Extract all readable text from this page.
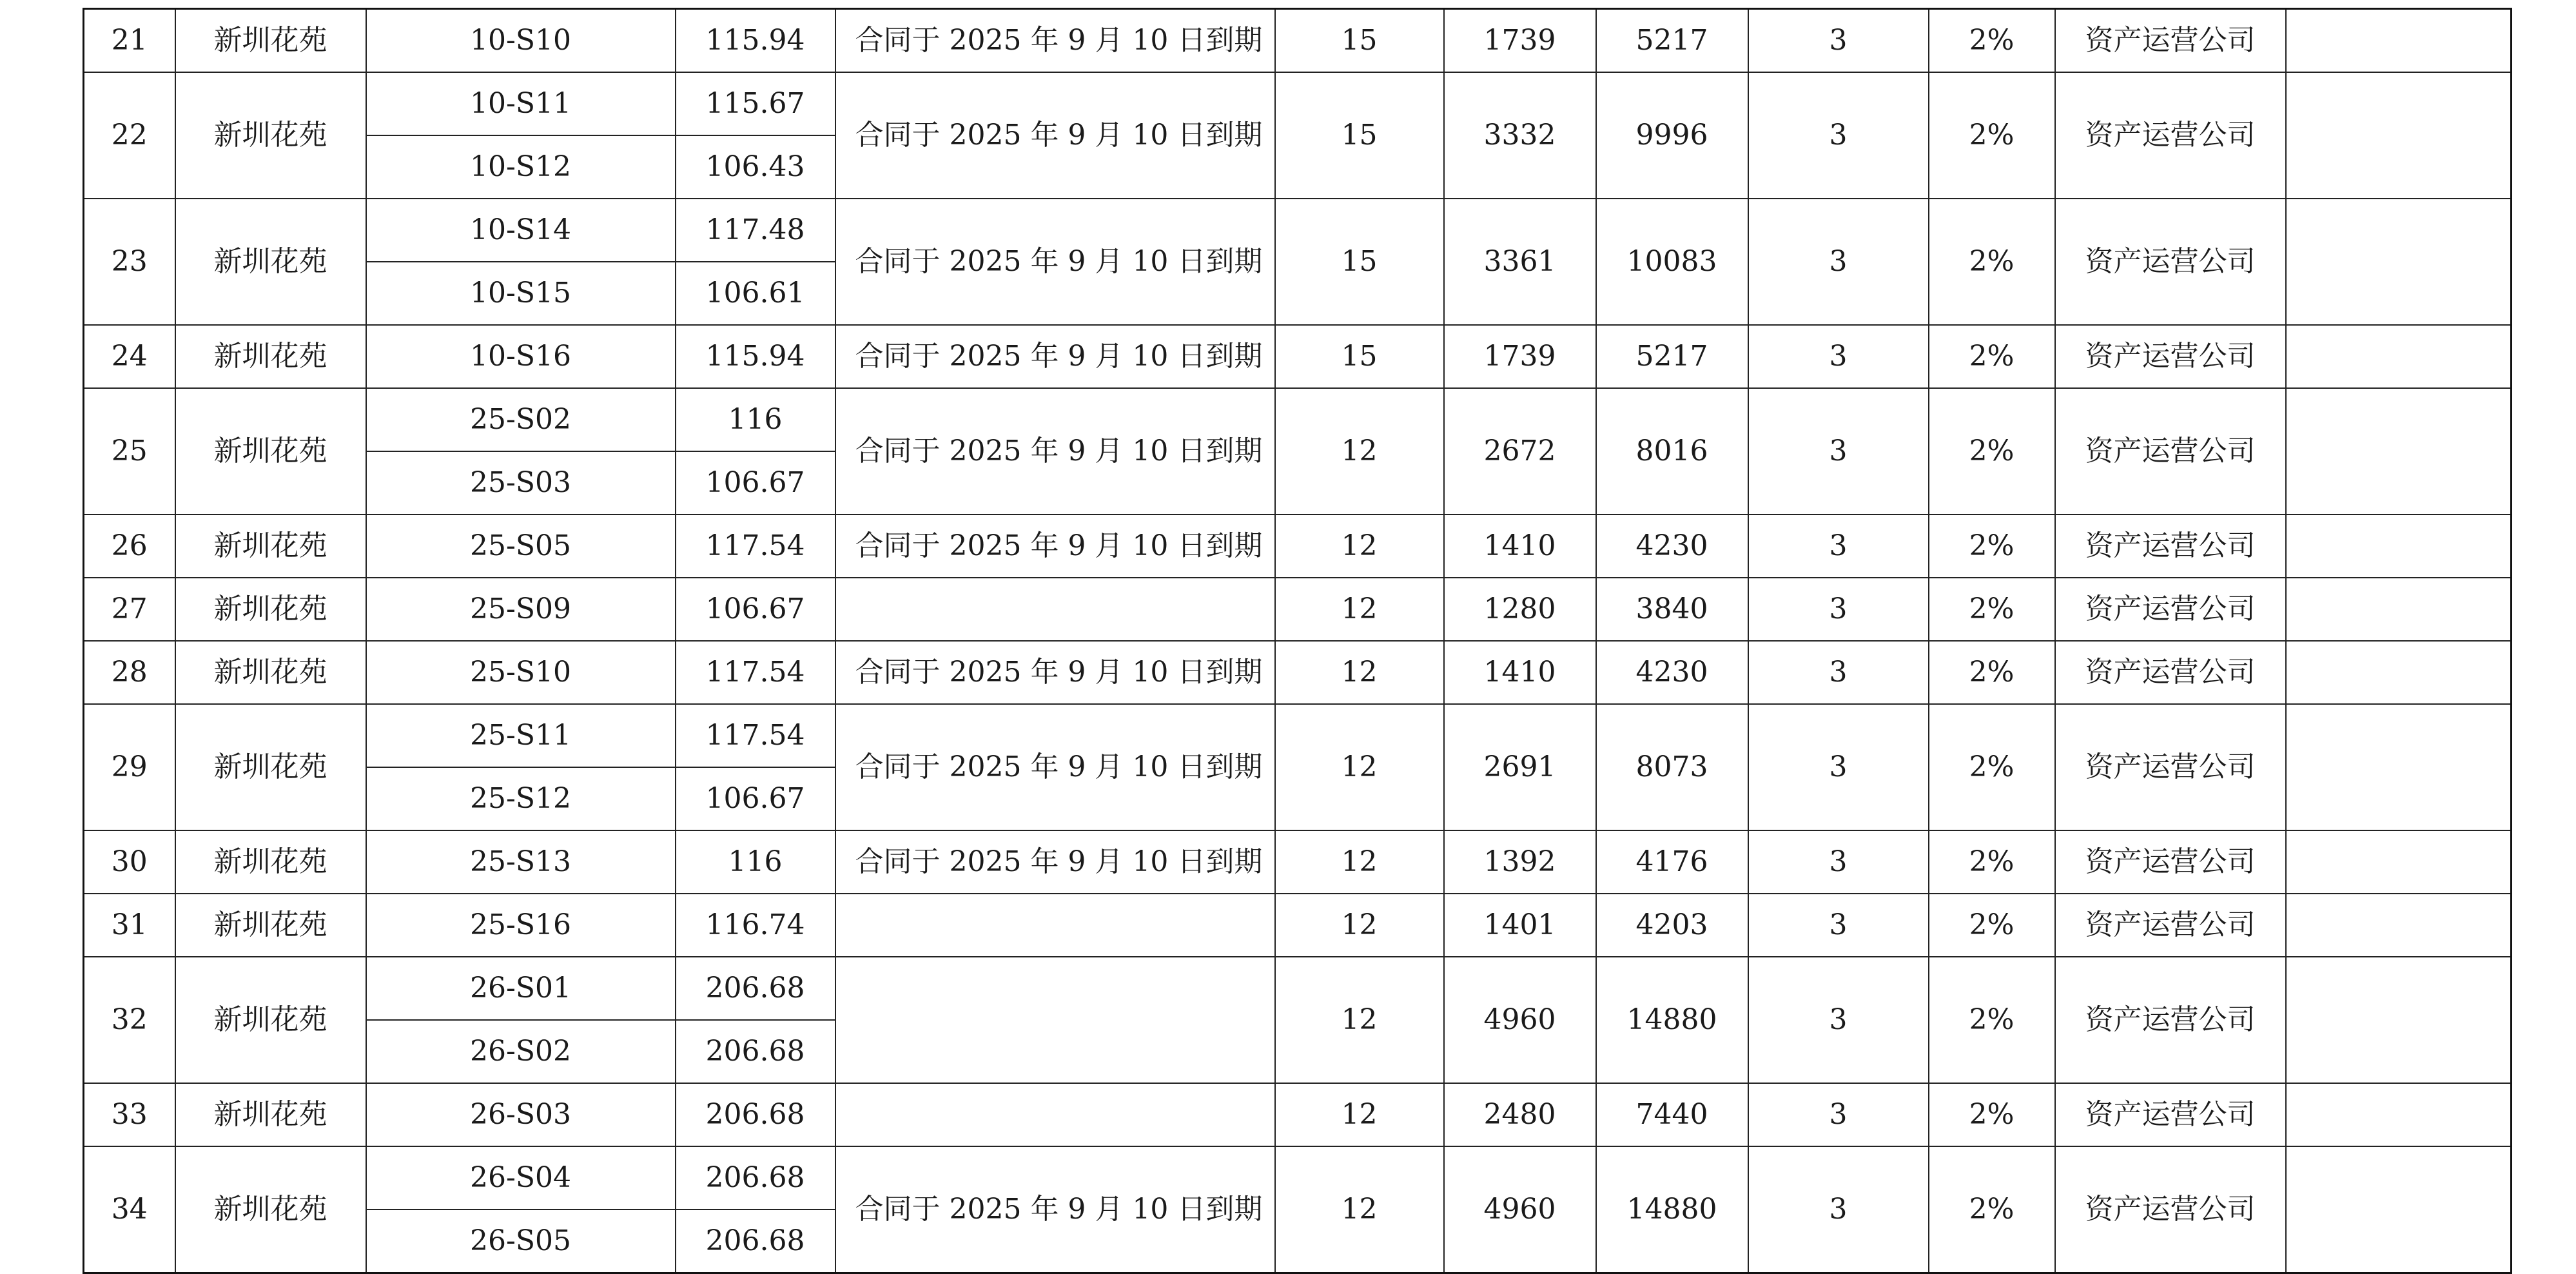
21	新圳花苑	10-S10	115.94	合同于 2025 年 9 月 10 日到期	15	1739	5217	3	2%	资产运营公司	
22	新圳花苑	10-S11	115.67	合同于 2025 年 9 月 10 日到期	15	3332	9996	3	2%	资产运营公司	
		10-S12	106.43								
23	新圳花苑	10-S14	117.48	合同于 2025 年 9 月 10 日到期	15	3361	10083	3	2%	资产运营公司	
		10-S15	106.61								
24	新圳花苑	10-S16	115.94	合同于 2025 年 9 月 10 日到期	15	1739	5217	3	2%	资产运营公司	
25	新圳花苑	25-S02	116	合同于 2025 年 9 月 10 日到期	12	2672	8016	3	2%	资产运营公司	
		25-S03	106.67								
26	新圳花苑	25-S05	117.54	合同于 2025 年 9 月 10 日到期	12	1410	4230	3	2%	资产运营公司	
27	新圳花苑	25-S09	106.67		12	1280	3840	3	2%	资产运营公司	
28	新圳花苑	25-S10	117.54	合同于 2025 年 9 月 10 日到期	12	1410	4230	3	2%	资产运营公司	
29	新圳花苑	25-S11	117.54	合同于 2025 年 9 月 10 日到期	12	2691	8073	3	2%	资产运营公司	
		25-S12	106.67								
30	新圳花苑	25-S13	116	合同于 2025 年 9 月 10 日到期	12	1392	4176	3	2%	资产运营公司	
31	新圳花苑	25-S16	116.74		12	1401	4203	3	2%	资产运营公司	
32	新圳花苑	26-S01	206.68		12	4960	14880	3	2%	资产运营公司	
		26-S02	206.68								
33	新圳花苑	26-S03	206.68		12	2480	7440	3	2%	资产运营公司	
34	新圳花苑	26-S04	206.68	合同于 2025 年 9 月 10 日到期	12	4960	14880	3	2%	资产运营公司	
		26-S05	206.68								
